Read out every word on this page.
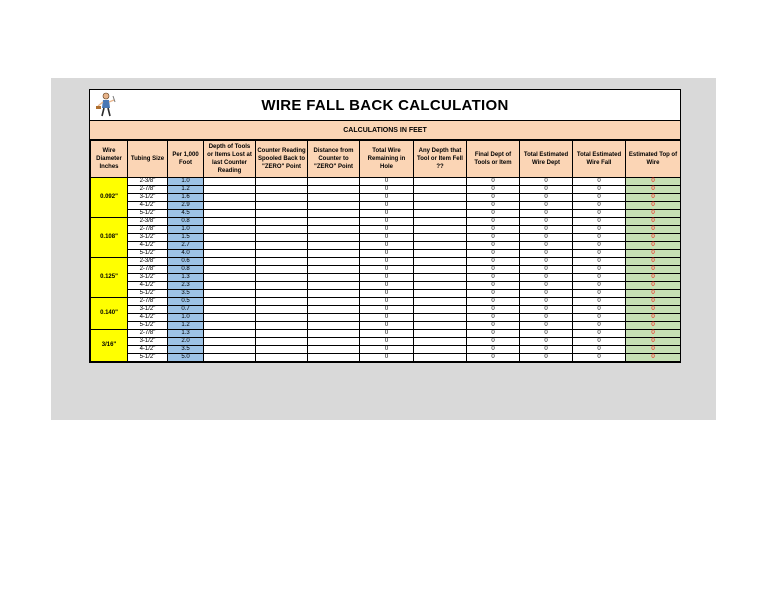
WIRE FALL BACK CALCULATION
CALCULATIONS IN FEET
Wire Diameter Inches	Tubing Size	Per 1,000 Foot	Depth of Tools or Items Lost at last Counter Reading	Counter Reading Spooled Back to "ZERO" Point	Distance from Counter to "ZERO" Point	Total Wire Remaining in Hole	Any Depth that Tool or Item Fell ??	Final Dept of Tools or Item	Total Estimated Wire Dept	Total Estimated Wire Fall	Estimated Top of Wire
0.092"	2-3/8"	1.0				0		0	0	0	0
	2-7/8"	1.2				0		0	0	0	0
	3-1/2"	1.6				0		0	0	0	0
	4-1/2"	2.9				0		0	0	0	0
	5-1/2"	4.5				0		0	0	0	0
0.108"	2-3/8"	0.8				0		0	0	0	0
	2-7/8"	1.0				0		0	0	0	0
	3-1/2"	1.5				0		0	0	0	0
	4-1/2"	2.7				0		0	0	0	0
	5-1/2"	4.0				0		0	0	0	0
0.125"	2-3/8"	0.6				0		0	0	0	0
	2-7/8"	0.8				0		0	0	0	0
	3-1/2"	1.3				0		0	0	0	0
	4-1/2"	2.3				0		0	0	0	0
	5-1/2"	3.5				0		0	0	0	0
0.140"	2-7/8"	0.5				0		0	0	0	0
	3-1/2"	0.7				0		0	0	0	0
	4-1/2"	1.0				0		0	0	0	0
	5-1/2"	1.2				0		0	0	0	0
3/16"	2-7/8"	1.3				0		0	0	0	0
	3-1/2"	2.0				0		0	0	0	0
	4-1/2"	3.5				0		0	0	0	0
	5-1/2"	5.0				0		0	0	0	0
